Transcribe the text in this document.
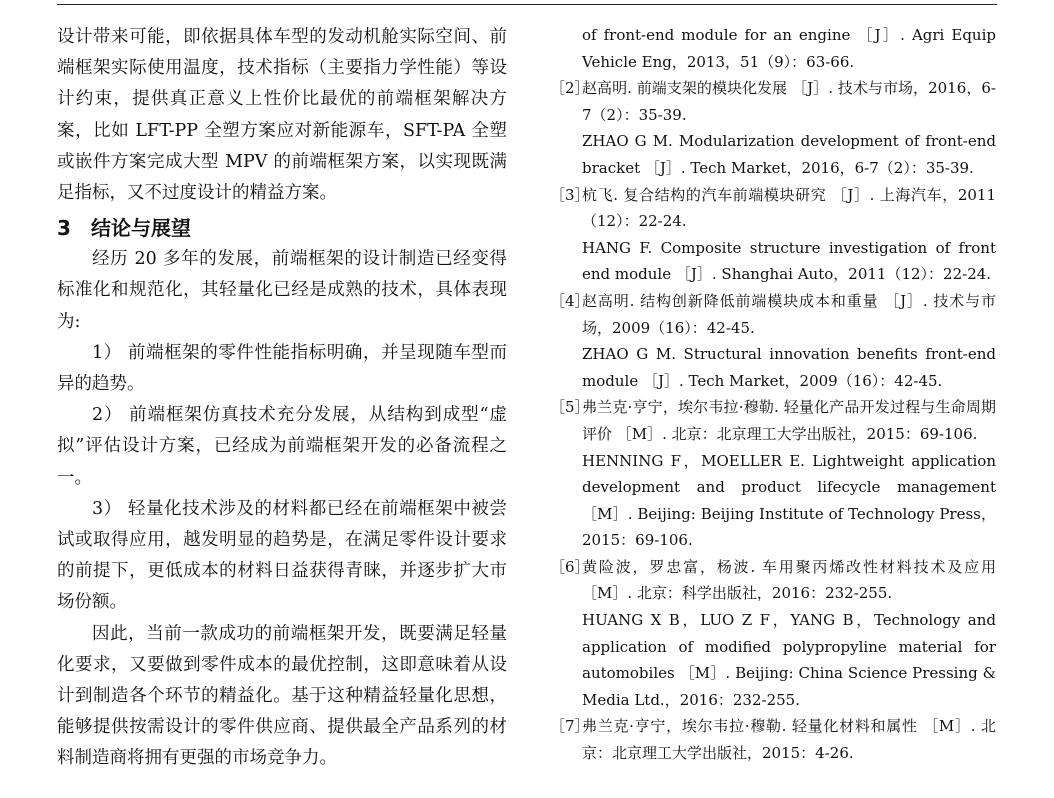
设计带来可能，即依据具体车型的发动机舱实际空间、前端框架实际使用温度，技术指标（主要指力学性能）等设计约束，提供真正意义上性价比最优的前端框架解决方案，比如 LFT-PP 全塑方案应对新能源车，SFT-PA 全塑或嵌件方案完成大型 MPV 的前端框架方案，以实现既满足指标，又不过度设计的精益方案。

3 结论与展望

经历 20 多年的发展，前端框架的设计制造已经变得标准化和规范化，其轻量化已经是成熟的技术，具体表现为:

1） 前端框架的零件性能指标明确，并呈现随车型而异的趋势。

2） 前端框架仿真技术充分发展，从结构到成型“虚拟”评估设计方案，已经成为前端框架开发的必备流程之一。

3） 轻量化技术涉及的材料都已经在前端框架中被尝试或取得应用，越发明显的趋势是，在满足零件设计要求的前提下，更低成本的材料日益获得青睐，并逐步扩大市场份额。

因此，当前一款成功的前端框架开发，既要满足轻量化要求，又要做到零件成本的最优控制，这即意味着从设计到制造各个环节的精益化。基于这种精益轻量化思想，能够提供按需设计的零件供应商、提供最全产品系列的材料制造商将拥有更强的市场竞争力。

of front-end module for an engine ［J］. Agri Equip Vehicle Eng，2013，51（9）：63-66.

［2］

赵高明. 前端支架的模块化发展 ［J］. 技术与市场，2016，6-7（2）：35-39.

ZHAO G M. Modularization development of front-end bracket ［J］. Tech Market，2016，6-7（2）：35-39.

［3］

杭飞. 复合结构的汽车前端模块研究 ［J］. 上海汽车，2011（12）：22-24.

HANG F. Composite structure investigation of front end module ［J］. Shanghai Auto，2011（12）：22-24.

［4］

赵高明. 结构创新降低前端模块成本和重量 ［J］. 技术与市场，2009（16）：42-45.

ZHAO G M. Structural innovation benefits front-end module ［J］. Tech Market，2009（16）：42-45.

［5］

弗兰克·亨宁，埃尔韦拉·穆勒. 轻量化产品开发过程与生命周期评价 ［M］. 北京：北京理工大学出版社，2015：69-106.

HENNING F，MOELLER E. Lightweight application development and product lifecycle management ［M］. Beijing: Beijing Institute of Technology Press，2015：69-106.

［6］

黄险波，罗忠富，杨波. 车用聚丙烯改性材料技术及应用 ［M］. 北京：科学出版社，2016：232-255.

HUANG X B，LUO Z F，YANG B，Technology and application of modified polypropyline material for automobiles ［M］. Beijing: China Science Pressing & Media Ltd.，2016：232-255.

［7］

弗兰克·亨宁，埃尔韦拉·穆勒. 轻量化材料和属性 ［M］. 北京：北京理工大学出版社，2015：4-26.
